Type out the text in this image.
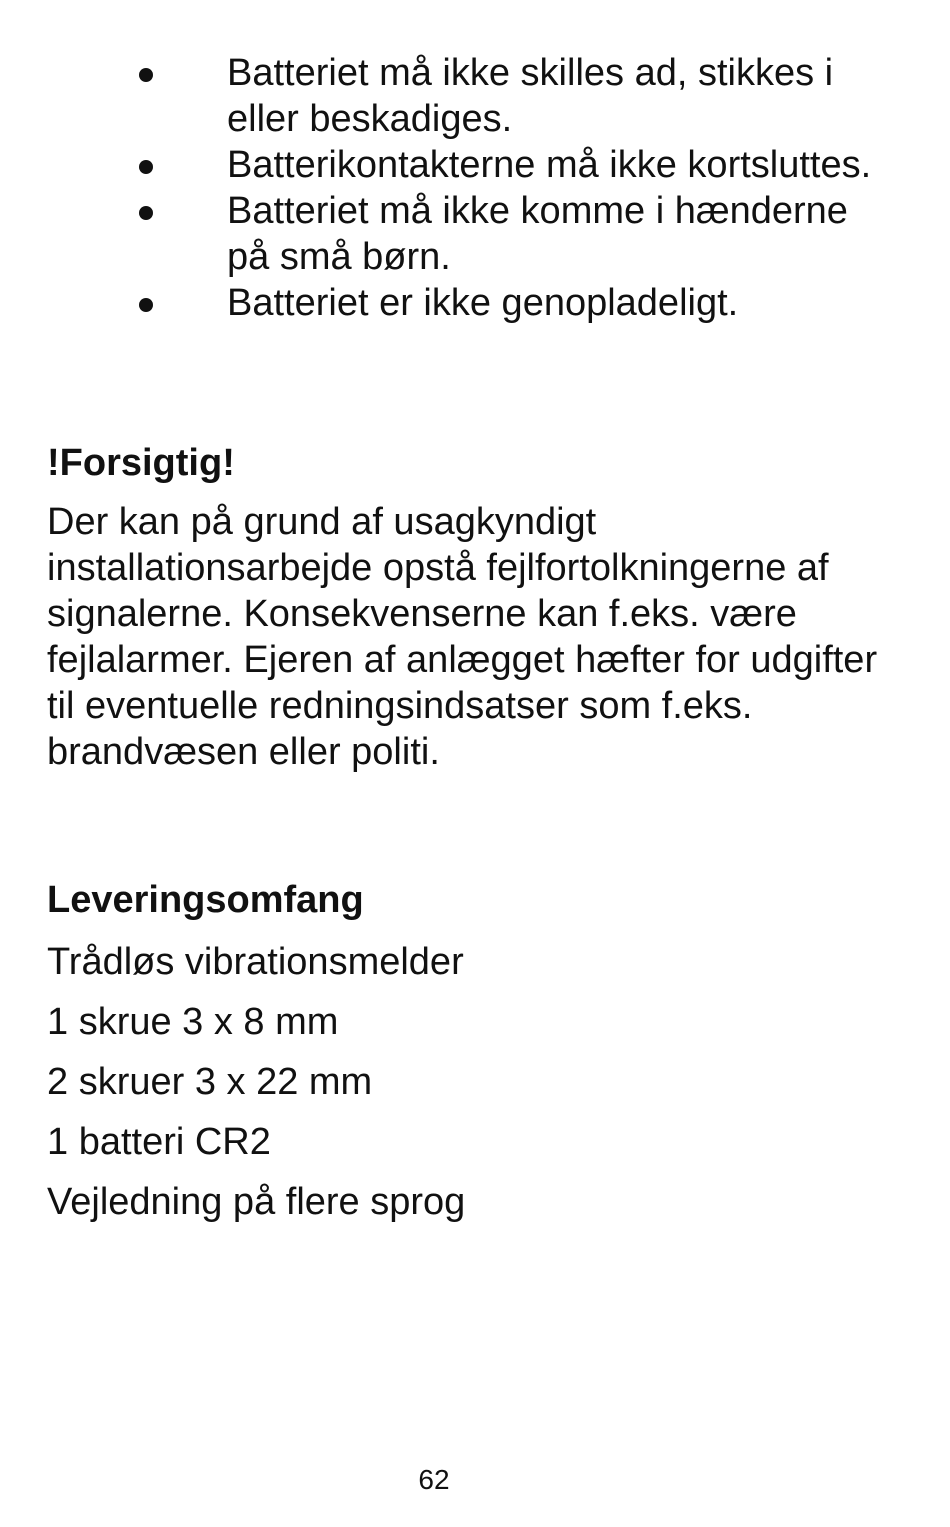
Batteriet må ikke skilles ad, stikkes i eller beskadiges.
Batterikontakterne må ikke kortsluttes.
Batteriet må ikke komme i hænderne på små børn.
Batteriet er ikke genopladeligt.
!Forsigtig!

Der kan på grund af usagkyndigt installationsarbejde opstå fejlfortolkningerne af signalerne. Konsekvenserne kan f.eks. være fejlalarmer. Ejeren af anlægget hæfter for udgifter til eventuelle redningsindsatser som f.eks. brandvæsen eller politi.

Leveringsomfang
Trådløs vibrationsmelder
1 skrue 3 x 8 mm
2 skruer 3 x 22 mm
1 batteri CR2
Vejledning på flere sprog
62
